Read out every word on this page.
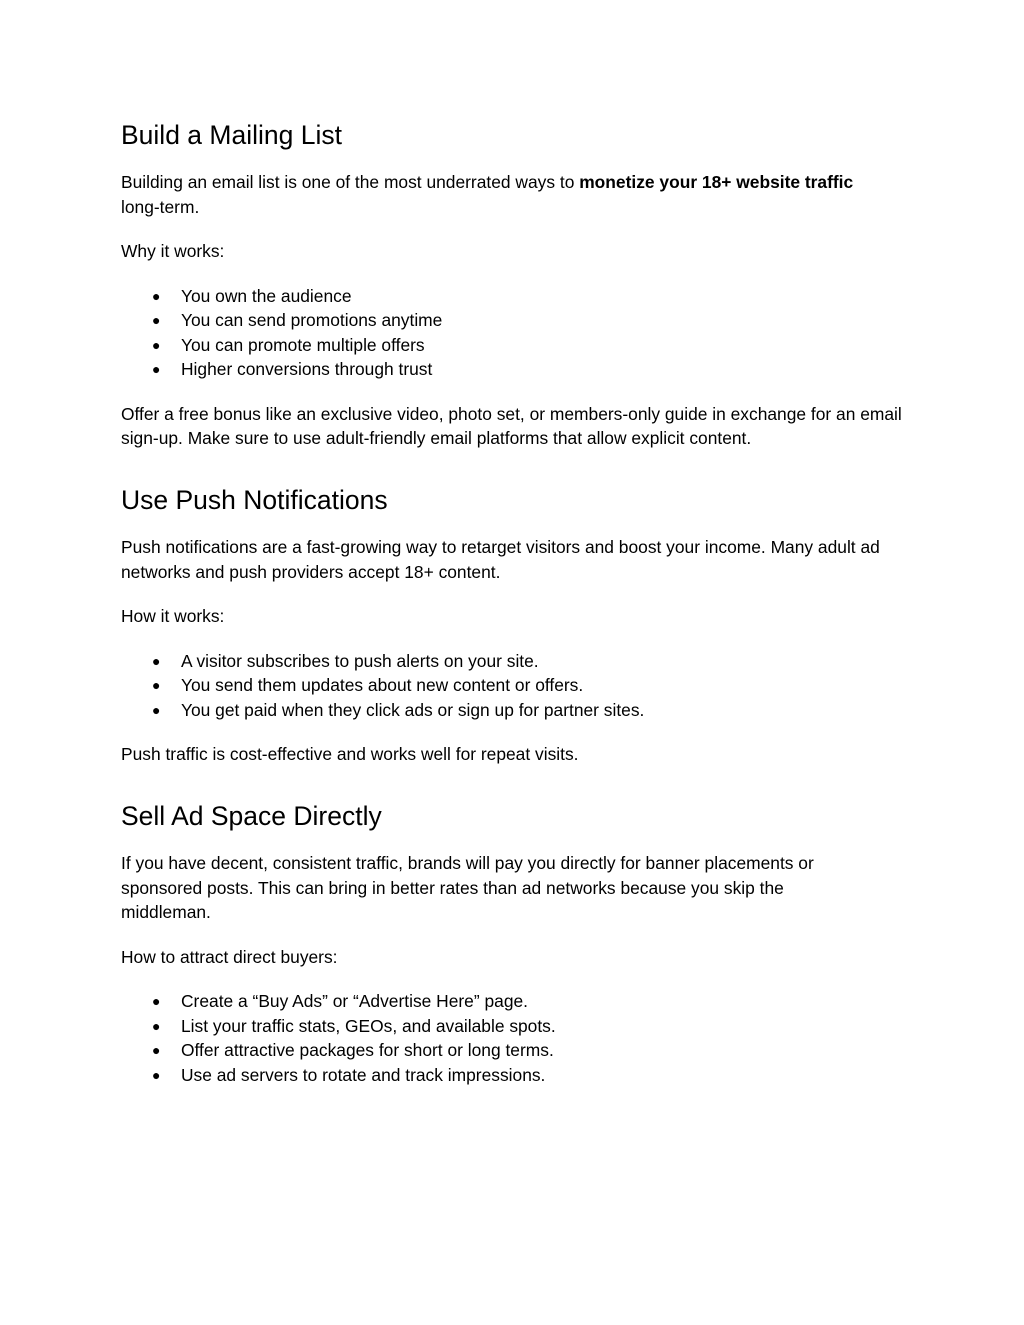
Build a Mailing List

Building an email list is one of the most underrated ways to monetize your 18+ website traffic
long-term.

Why it works:

● You own the audience
● You can send promotions anytime
● You can promote multiple offers
● Higher conversions through trust

Offer a free bonus like an exclusive video, photo set, or members-only guide in exchange for an email sign-up. Make sure to use adult-friendly email platforms that allow explicit content.

Use Push Notifications

Push notifications are a fast-growing way to retarget visitors and boost your income. Many adult ad networks and push providers accept 18+ content.

How it works:

● A visitor subscribes to push alerts on your site.
● You send them updates about new content or offers.
● You get paid when they click ads or sign up for partner sites.

Push traffic is cost-effective and works well for repeat visits.

Sell Ad Space Directly

If you have decent, consistent traffic, brands will pay you directly for banner placements or sponsored posts. This can bring in better rates than ad networks because you skip the middleman.

How to attract direct buyers:

● Create a “Buy Ads” or “Advertise Here” page.
● List your traffic stats, GEOs, and available spots.
● Offer attractive packages for short or long terms.
● Use ad servers to rotate and track impressions.
